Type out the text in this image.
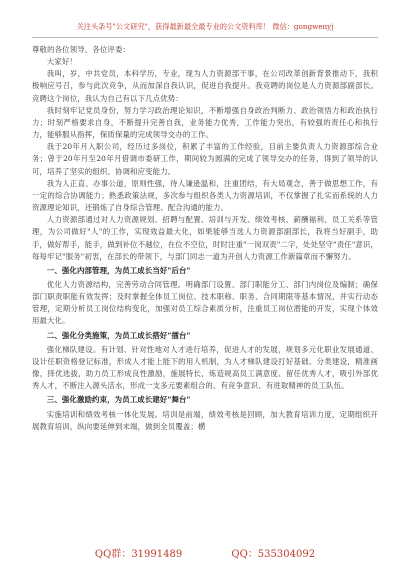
关注头条号"公文研究"，获得最新最全最专业的公文资料库！ 微信：gongwenyj

尊敬的各位领导、各位评委：

大家好！

我叫，岁，中共党员，本科学历，专业，现为人力资源部干事，在公司改革创新背景推动下，我积极响应号召，参与此次竞争，从而加深自我认识，促进自我提升。我竞聘的岗位是人力资源部副部长。竞聘这个岗位，我认为自己有以下几点优势：

我时刻牢记党员身份，努力学习政治理论知识，不断增强自身政治判断力、政治领悟力和政治执行力；时刻严格要求自身，不断提升完善自我，业务能力优秀，工作能力突出，有较强的责任心和执行力，能够服从指挥，保质保量的完成领导交办的工作。

我于20年月入职公司，经历过多岗位，积累了丰富的工作经验，目前主要负责人力资源部综合业务；曾于20年月至20年月借调市委研工作，期间较为圆满的完成了领导交办的任务，得到了领导的认可，培养了坚实的组织、协调和应变能力。

我为人正直、办事公道，原则性强，待人谦逊温和，注重团结，有大局观念，善于做思想工作，有一定的综合协调能力；熟悉政策法规，多次参与组织各类人力资源培训，不仅掌握了扎实而系统的人力资源理论知识，还锻炼了自身综合管理、配合沟通的能力。

人力资源部通过对人力资源规划、招聘与配置、培训与开发、绩效考核、薪酬福利、员工关系等管理，为公司做好"人"的工作，实现效益最大化，如果能够当选人力资源部副部长，我将当好副手，助手，做好帮手，能手，做到补位不越位，在位不空位，时时注重"一岗双责"二字，处处坚守"责任"意识，每每牢记"服务"初衷，在部长的带领下，与部门同志一道为开创人力资源工作新篇章而不懈努力。

一、强化内部管理，为员工成长当好"后台"

优化人力资源结构，完善劳动合同管理。明确部门设置、部门职能分工、部门内岗位及编制；确保部门职责职能有效发挥；及时掌握全体员工岗位、技术职称、职务、合同期限等基本情况，并实行动态管理，定期分析员工岗位结构变化，加强对员工综合素质分析，注重员工岗位潜能的开发，实现个体效用最大化。

二、强化分类施策，为员工成长搭好"擂台"

强化梯队建设。有计划、针对性地对人才进行培养，促进人才的发展，规划多元化职业发展通道、设计任职资格登记标准，形成人才能上能下的用人机制，为人才梯队建设打好基础。分类建设，精准画像，择优选拔，助力员工形成良性激励，施展特长，炼造规高员工满意度、留任优秀人才，吸引外部优秀人才，不断注入源头活水，形成一支多元要素组合的、有竞争意识、有进取精神的员工队伍。

三、强化激励约束，为员工成长建好"舞台"

实施培训和绩效考核一体化发展。培训是前端，绩效考核是回顾，加大教育培训力度，定期组织开展教育培训，纵向要延伸到末端，做到全员覆盖；横

QQ群：31991489	QQ：535304092
